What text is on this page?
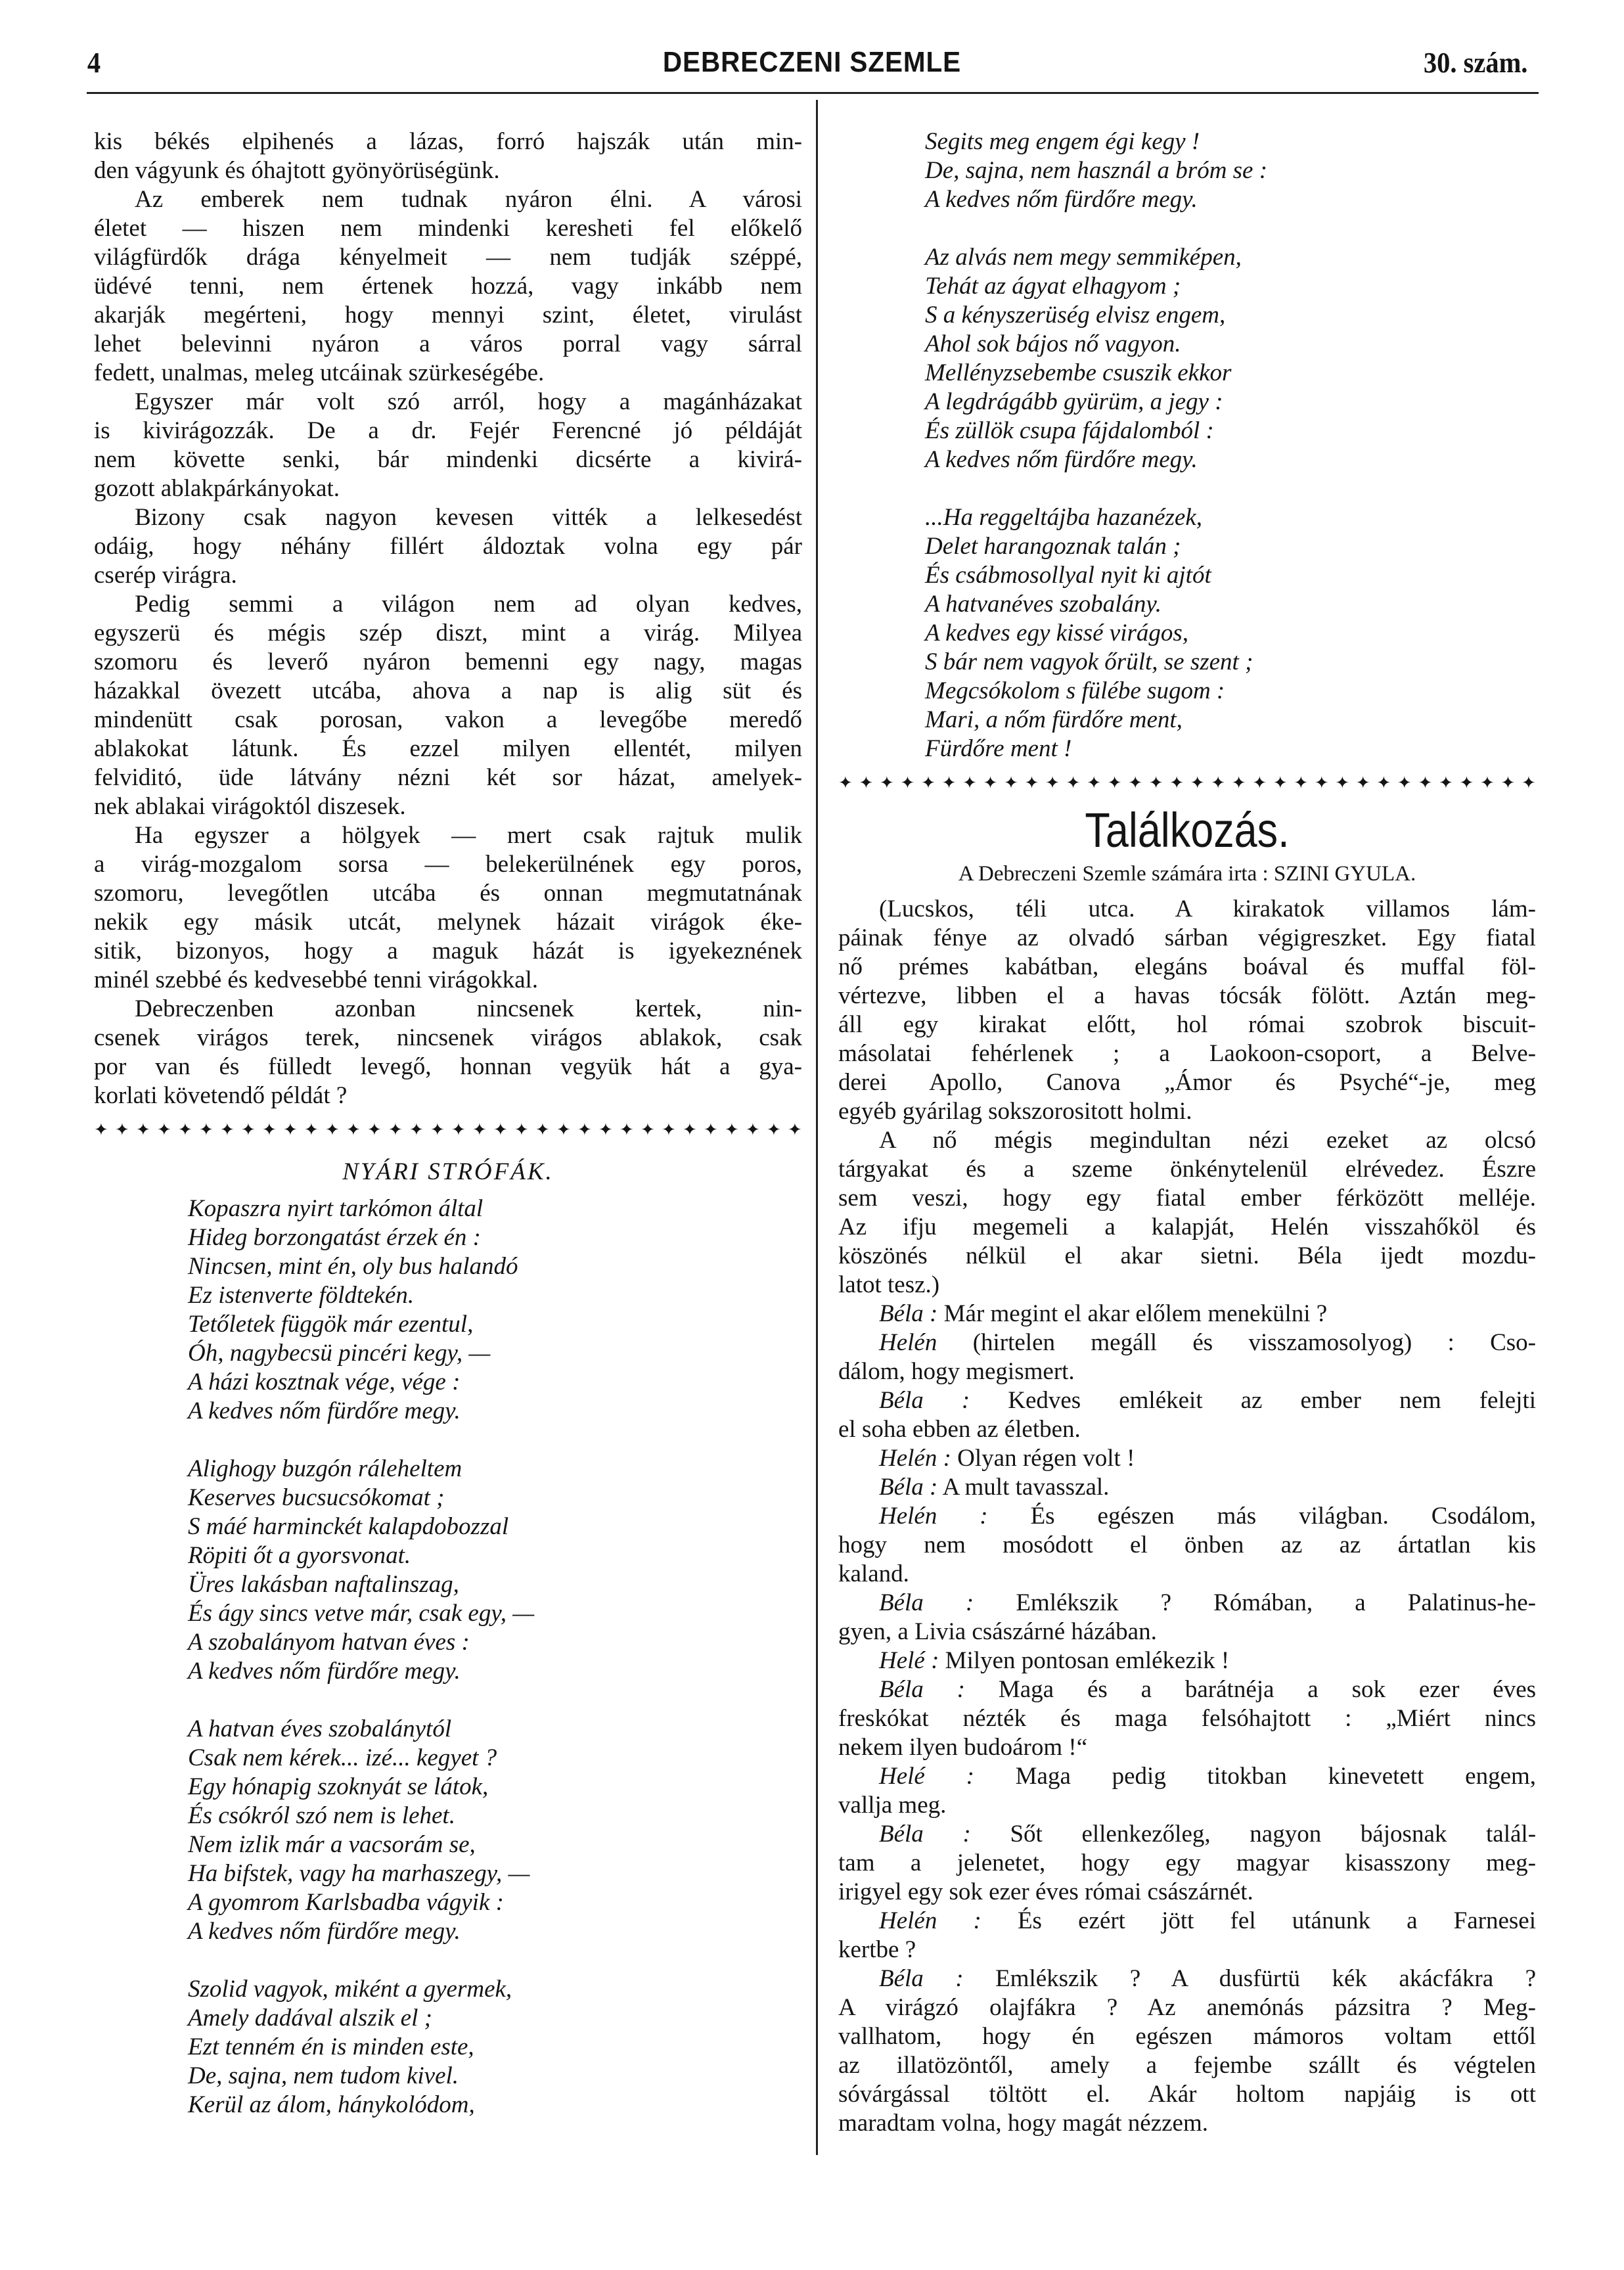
4	DEBRECZENI SZEMLE	30. szám.
kis békés elpihenés a lázas, forró hajszák után min-
den vágyunk és óhajtott gyönyörüségünk.
Az emberek nem tudnak nyáron élni. A városi
életet — hiszen nem mindenki keresheti fel előkelő
világfürdők drága kényelmeit — nem tudják széppé,
üdévé tenni, nem értenek hozzá, vagy inkább nem
akarják megérteni, hogy mennyi szint, életet, virulást
lehet belevinni nyáron a város porral vagy sárral
fedett, unalmas, meleg utcáinak szürkeségébe.
Egyszer már volt szó arról, hogy a magánházakat
is kivirágozzák. De a dr. Fejér Ferencné jó példáját
nem követte senki, bár mindenki dicsérte a kivirá-
gozott ablakpárkányokat.
Bizony csak nagyon kevesen vitték a lelkesedést
odáig, hogy néhány fillért áldoztak volna egy pár
cserép virágra.
Pedig semmi a világon nem ad olyan kedves,
egyszerü és mégis szép diszt, mint a virág. Milyea
szomoru és leverő nyáron bemenni egy nagy, magas
házakkal övezett utcába, ahova a nap is alig süt és
mindenütt csak porosan, vakon a levegőbe meredő
ablakokat látunk. És ezzel milyen ellentét, milyen
felviditó, üde látvány nézni két sor házat, amelyek-
nek ablakai virágoktól diszesek.
Ha egyszer a hölgyek — mert csak rajtuk mulik
a virág-mozgalom sorsa — belekerülnének egy poros,
szomoru, levegőtlen utcába és onnan megmutatnának
nekik egy másik utcát, melynek házait virágok éke-
sitik, bizonyos, hogy a maguk házát is igyekeznének
minél szebbé és kedvesebbé tenni virágokkal.
Debreczenben azonban nincsenek kertek, nin-
csenek virágos terek, nincsenek virágos ablakok, csak
por van és fülledt levegő, honnan vegyük hát a gya-
korlati követendő példát ?
✦ ✦ ✦ ✦ ✦ ✦ ✦ ✦ ✦ ✦ ✦ ✦ ✦ ✦ ✦ ✦ ✦ ✦ ✦ ✦ ✦ ✦ ✦ ✦ ✦ ✦ ✦ ✦ ✦ ✦ ✦ ✦ ✦ ✦
NYÁRI STRÓFÁK.
Kopaszra nyirt tarkómon által
Hideg borzongatást érzek én :
Nincsen, mint én, oly bus halandó
Ez istenverte földtekén.
Tetőletek függök már ezentul,
Óh, nagybecsü pincéri kegy, —
A házi kosztnak vége, vége :
A kedves nőm fürdőre megy.
Alighogy buzgón ráleheltem
Keserves bucsucsókomat ;
S máé harminckét kalapdobozzal
Röpiti őt a gyorsvonat.
Üres lakásban naftalinszag,
És ágy sincs vetve már, csak egy, —
A szobalányom hatvan éves :
A kedves nőm fürdőre megy.
A hatvan éves szobalánytól
Csak nem kérek... izé... kegyet ?
Egy hónapig szoknyát se látok,
És csókról szó nem is lehet.
Nem izlik már a vacsorám se,
Ha bifstek, vagy ha marhaszegy, —
A gyomrom Karlsbadba vágyik :
A kedves nőm fürdőre megy.
Szolid vagyok, miként a gyermek,
Amely dadával alszik el ;
Ezt tenném én is minden este,
De, sajna, nem tudom kivel.
Kerül az álom, hánykolódom,
Segits meg engem égi kegy !
De, sajna, nem használ a bróm se :
A kedves nőm fürdőre megy.
Az alvás nem megy semmiképen,
Tehát az ágyat elhagyom ;
S a kényszerüség elvisz engem,
Ahol sok bájos nő vagyon.
Mellényzsebembe csuszik ekkor
A legdrágább gyürüm, a jegy :
És züllök csupa fájdalomból :
A kedves nőm fürdőre megy.
...Ha reggeltájba hazanézek,
Delet harangoznak talán ;
És csábmosollyal nyit ki ajtót
A hatvanéves szobalány.
A kedves egy kissé virágos,
S bár nem vagyok őrült, se szent ;
Megcsókolom s fülébe sugom :
Mari, a nőm fürdőre ment,
Fürdőre ment !
✦ ✦ ✦ ✦ ✦ ✦ ✦ ✦ ✦ ✦ ✦ ✦ ✦ ✦ ✦ ✦ ✦ ✦ ✦ ✦ ✦ ✦ ✦ ✦ ✦ ✦ ✦ ✦ ✦ ✦ ✦ ✦ ✦ ✦
Találkozás.
A Debreczeni Szemle számára irta : SZINI GYULA.
(Lucskos, téli utca. A kirakatok villamos lám-
páinak fénye az olvadó sárban végigreszket. Egy fiatal
nő prémes kabátban, elegáns boával és muffal föl-
vértezve, libben el a havas tócsák fölött. Aztán meg-
áll egy kirakat előtt, hol római szobrok biscuit-
másolatai fehérlenek ; a Laokoon-csoport, a Belve-
derei Apollo, Canova „Ámor és Psyché“-je, meg
egyéb gyárilag sokszorositott holmi.
A nő mégis megindultan nézi ezeket az olcsó
tárgyakat és a szeme önkénytelenül elrévedez. Észre
sem veszi, hogy egy fiatal ember férközött melléje.
Az ifju megemeli a kalapját, Helén visszahőköl és
köszönés nélkül el akar sietni. Béla ijedt mozdu-
latot tesz.)
Béla : Már megint el akar előlem menekülni ?
Helén (hirtelen megáll és visszamosolyog) : Cso-
dálom, hogy megismert.
Béla : Kedves emlékeit az ember nem felejti
el soha ebben az életben.
Helén : Olyan régen volt !
Béla : A mult tavasszal.
Helén : És egészen más világban. Csodálom,
hogy nem mosódott el önben az az ártatlan kis
kaland.
Béla : Emlékszik ? Rómában, a Palatinus-he-
gyen, a Livia császárné házában.
Helé : Milyen pontosan emlékezik !
Béla : Maga és a barátnéja a sok ezer éves
freskókat nézték és maga felsóhajtott : „Miért nincs
nekem ilyen budoárom !“
Helé : Maga pedig titokban kinevetett engem,
vallja meg.
Béla : Sőt ellenkezőleg, nagyon bájosnak talál-
tam a jelenetet, hogy egy magyar kisasszony meg-
irigyel egy sok ezer éves római császárnét.
Helén : És ezért jött fel utánunk a Farnesei
kertbe ?
Béla : Emlékszik ? A dusfürtü kék akácfákra ?
A virágzó olajfákra ? Az anemónás pázsitra ? Meg-
vallhatom, hogy én egészen mámoros voltam ettől
az illatözöntől, amely a fejembe szállt és végtelen
sóvárgással töltött el. Akár holtom napjáig is ott
maradtam volna, hogy magát nézzem.
